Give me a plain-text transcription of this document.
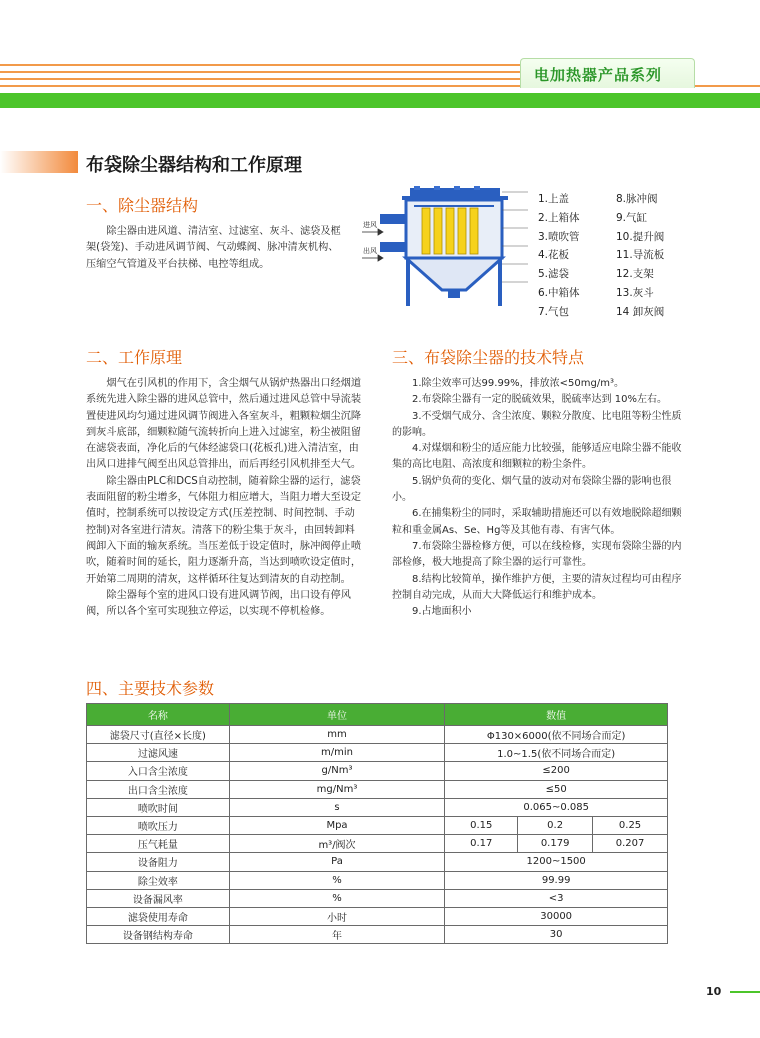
电加热器产品系列
布袋除尘器结构和工作原理
一、除尘器结构

除尘器由进风道、清洁室、过滤室、灰斗、滤袋及框架(袋笼)、手动进风调节阀、气动蝶阀、脉冲清灰机构、压缩空气管道及平台扶梯、电控等组成。

进风
出风
1.上盖	8.脉冲阀
2.上箱体	9.气缸
3.喷吹管	10.提升阀
4.花板	11.导流板
5.滤袋	12.支架
6.中箱体	13.灰斗
7.气包	14 卸灰阀
二、工作原理

烟气在引风机的作用下，含尘烟气从锅炉热器出口经烟道系统先进入除尘器的进风总管中，然后通过进风总管中导流装置使进风均匀通过进风调节阀进入各室灰斗，粗颗粒烟尘沉降到灰斗底部，细颗粒随气流转折向上进入过滤室，粉尘被阻留在滤袋表面，净化后的气体经滤袋口(花板孔)进入清洁室，由出风口进排气阀至出风总管排出，而后再经引风机排至大气。

除尘器由PLC和DCS自动控制，随着除尘器的运行，滤袋表面阻留的粉尘增多，气体阻力相应增大，当阻力增大至设定值时，控制系统可以按设定方式(压差控制、时间控制、手动控制)对各室进行清灰。清落下的粉尘集于灰斗，由回转卸料阀卸入下面的输灰系统。当压差低于设定值时，脉冲阀停止喷吹，随着时间的延长，阻力逐渐升高，当达到喷吹设定值时，开始第二周期的清灰，这样循环往复达到清灰的自动控制。

除尘器每个室的进风口设有进风调节阀，出口设有停风阀，所以各个室可实现独立停运，以实现不停机检修。

三、布袋除尘器的技术特点

1.除尘效率可达99.99%，排放浓<50mg/m³。

2.布袋除尘器有一定的脱硫效果，脱硫率达到 10%左右。

3.不受烟气成分、含尘浓度、颗粒分散度、比电阻等粉尘性质的影响。

4.对煤烟和粉尘的适应能力比较强，能够适应电除尘器不能收集的高比电阻、高浓度和细颗粒的粉尘条件。

5.锅炉负荷的变化、烟气量的波动对布袋除尘器的影响也很小。

6.在捕集粉尘的同时，采取辅助措施还可以有效地脱除超细颗粒和重金属As、Se、Hg等及其他有毒、有害气体。

7.布袋除尘器检修方便，可以在线检修，实现布袋除尘器的内部检修，极大地提高了除尘器的运行可靠性。

8.结构比较简单，操作维护方便，主要的清灰过程均可由程序控制自动完成，从而大大降低运行和维护成本。

9.占地面积小

四、主要技术参数
名称	单位	数值		
滤袋尺寸(直径×长度)	mm	Φ130×6000(依不同场合而定)		
过滤风速	m/min	1.0~1.5(依不同场合而定)		
入口含尘浓度	g/Nm³	≤200		
出口含尘浓度	mg/Nm³	≤50		
喷吹时间	s	0.065~0.085		
喷吹压力	Mpa	0.15	0.2	0.25
压气耗量	m³/阀次	0.17	0.179	0.207
设备阻力	Pa	1200~1500		
除尘效率	%	99.99		
设备漏风率	%	<3		
滤袋使用寿命	小时	30000		
设备钢结构寿命	年	30		
10
